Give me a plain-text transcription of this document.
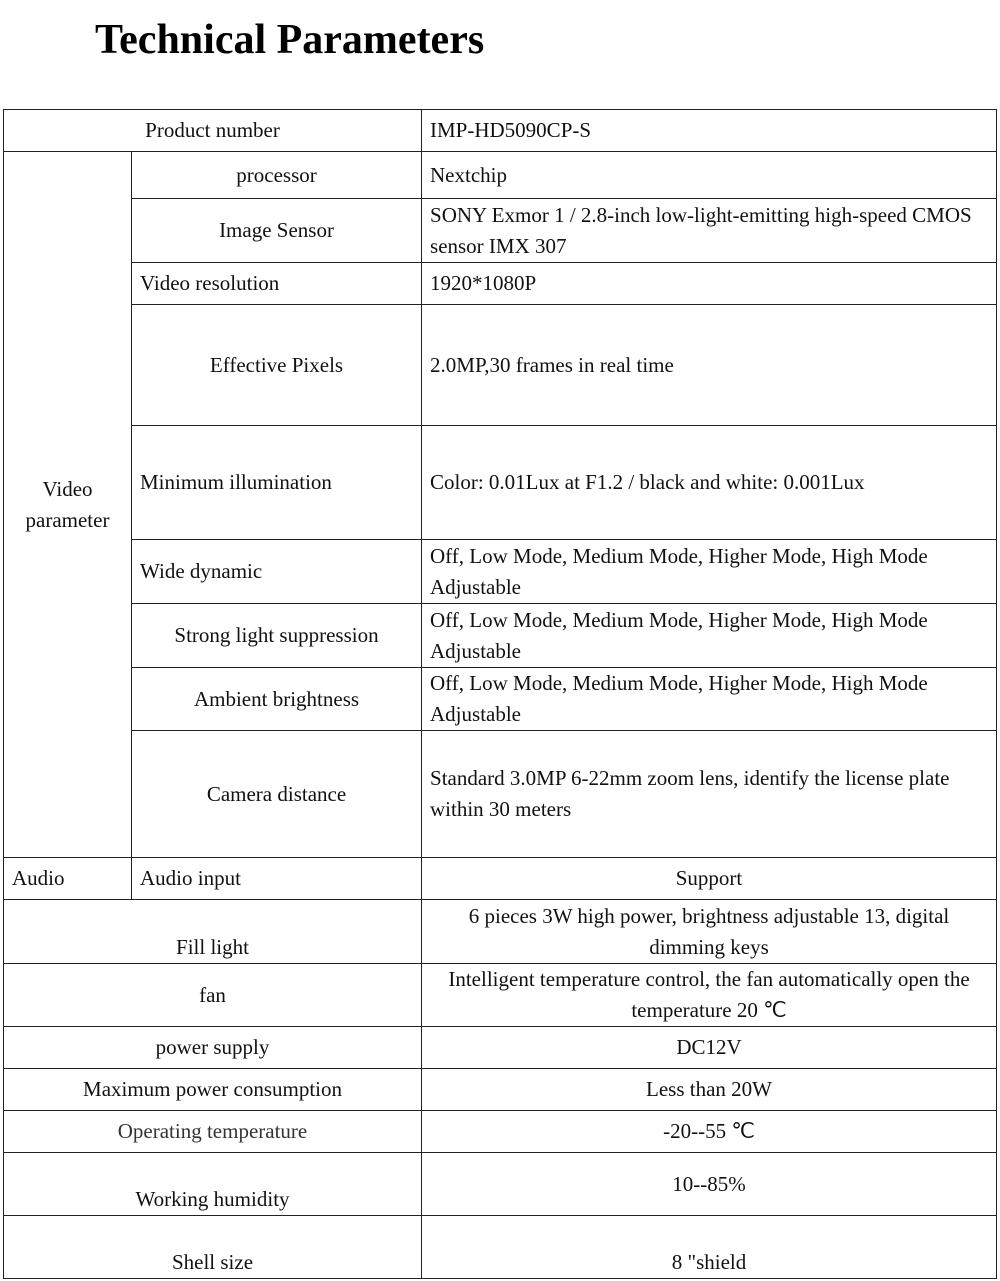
Technical Parameters
Product number		IMP-HD5090CP-S
Video parameter	processor	Nextchip
	Image Sensor	SONY Exmor 1 / 2.8-inch low-light-emitting high-speed CMOS sensor IMX 307
	Video resolution	1920*1080P
	Effective Pixels	2.0MP,30 frames in real time
	Minimum illumination	Color: 0.01Lux at F1.2 / black and white: 0.001Lux
	Wide dynamic	Off, Low Mode, Medium Mode, Higher Mode, High Mode Adjustable
	Strong light suppression	Off, Low Mode, Medium Mode, Higher Mode, High Mode Adjustable
	Ambient brightness	Off, Low Mode, Medium Mode, Higher Mode, High Mode Adjustable
	Camera distance	Standard 3.0MP 6-22mm zoom lens, identify the license plate within 30 meters
Audio	Audio input	Support
Fill light		6 pieces 3W high power, brightness adjustable 13, digital dimming keys
fan		Intelligent temperature control, the fan automatically open the temperature 20 ℃
power supply		DC12V
Maximum power consumption		Less than 20W
Operating temperature		-20--55 ℃
Working humidity		10--85%
Shell size		8 "shield
